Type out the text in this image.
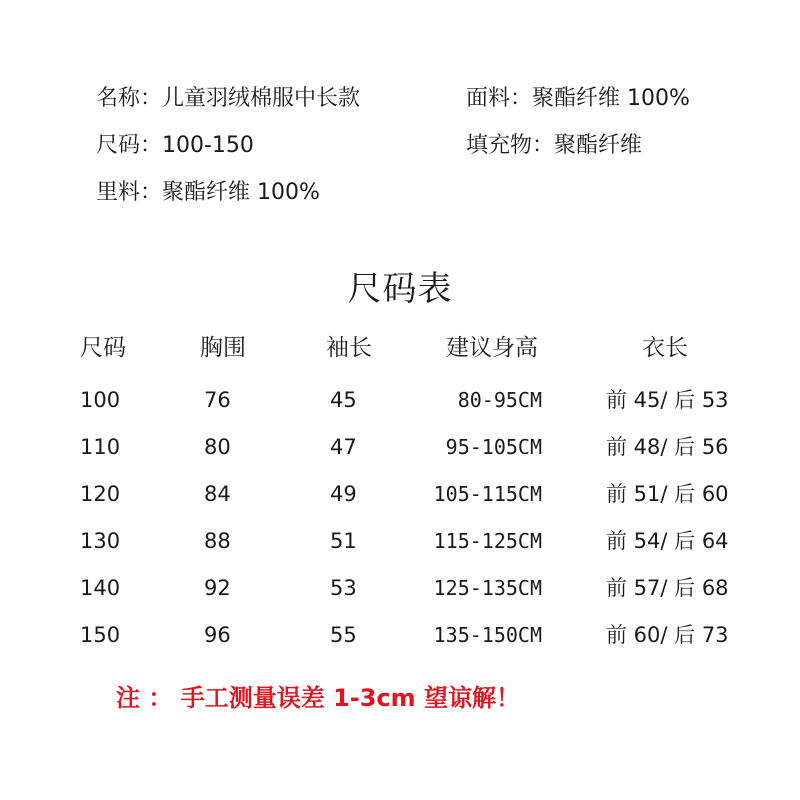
名称：儿童羽绒棉服中长款	面料：聚酯纤维 100%
尺码：100-150	填充物：聚酯纤维
里料：聚酯纤维 100%
尺码表
尺码	胸围	袖长	建议身高	衣长
100	76	45	80-95CM	前 45/ 后 53
110	80	47	95-105CM	前 48/ 后 56
120	84	49	105-115CM	前 51/ 后 60
130	88	51	115-125CM	前 54/ 后 64
140	92	53	125-135CM	前 57/ 后 68
150	96	55	135-150CM	前 60/ 后 73
注 ： 手工测量误差 1-3cm 望谅解！
